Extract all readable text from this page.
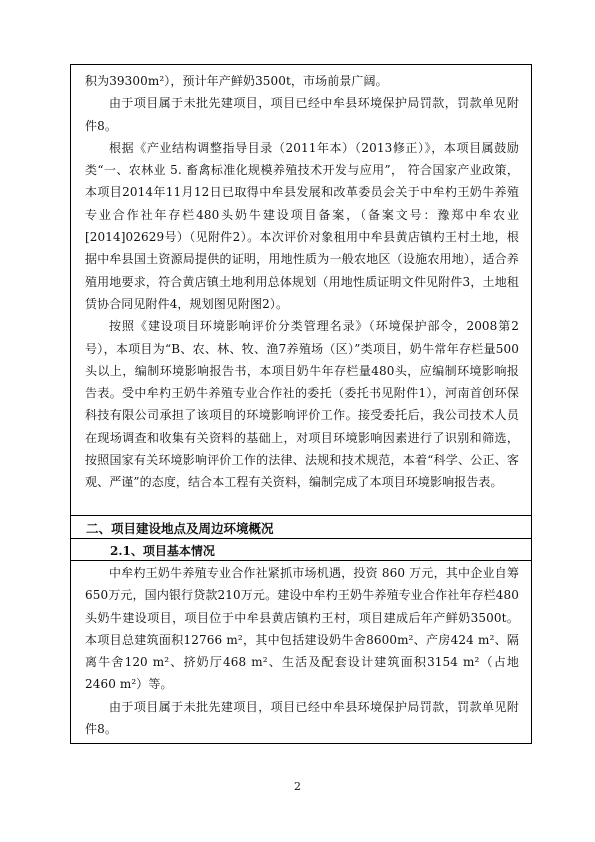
积为39300m²），预计年产鲜奶3500t，市场前景广阔。

由于项目属于未批先建项目，项目已经中牟县环境保护局罚款，罚款单见附件8。

根据《产业结构调整指导目录（2011年本）（2013修正）》，本项目属鼓励类“一、农林业 5. 畜禽标准化规模养殖技术开发与应用”， 符合国家产业政策，本项目2014年11月12日已取得中牟县发展和改革委员会关于中牟杓王奶牛养殖专业合作社年存栏480头奶牛建设项目备案，（备案文号：豫郑中牟农业[2014]02629号）（见附件2）。本次评价对象租用中牟县黄店镇杓王村土地，根据中牟县国土资源局提供的证明，用地性质为一般农地区（设施农用地），适合养殖用地要求，符合黄店镇土地利用总体规划（用地性质证明文件见附件3，土地租赁协合同见附件4，规划图见附图2）。

按照《建设项目环境影响评价分类管理名录》（环境保护部令，2008第2号），本项目为“B、农、林、牧、渔7养殖场（区）”类项目，奶牛常年存栏量500头以上，编制环境影响报告书，本项目奶牛年存栏量480头，应编制环境影响报告表。受中牟杓王奶牛养殖专业合作社的委托（委托书见附件1），河南首创环保科技有限公司承担了该项目的环境影响评价工作。接受委托后，我公司技术人员在现场调查和收集有关资料的基础上，对项目环境影响因素进行了识别和筛选，按照国家有关环境影响评价工作的法律、法规和技术规范，本着“科学、公正、客观、严谨”的态度，结合本工程有关资料，编制完成了本项目环境影响报告表。

二、项目建设地点及周边环境概况
2.1、项目基本情况

中牟杓王奶牛养殖专业合作社紧抓市场机遇，投资 860 万元，其中企业自筹650万元，国内银行贷款210万元。建设中牟杓王奶牛养殖专业合作社年存栏480头奶牛建设项目，项目位于中牟县黄店镇杓王村，项目建成后年产鲜奶3500t。本项目总建筑面积12766 m²，其中包括建设奶牛舍8600m²、产房424 m²、隔离牛舍120 m²、挤奶厅468 m²、生活及配套设计建筑面积3154 m²（占地2460 m²）等。

由于项目属于未批先建项目，项目已经中牟县环境保护局罚款，罚款单见附件8。

2
